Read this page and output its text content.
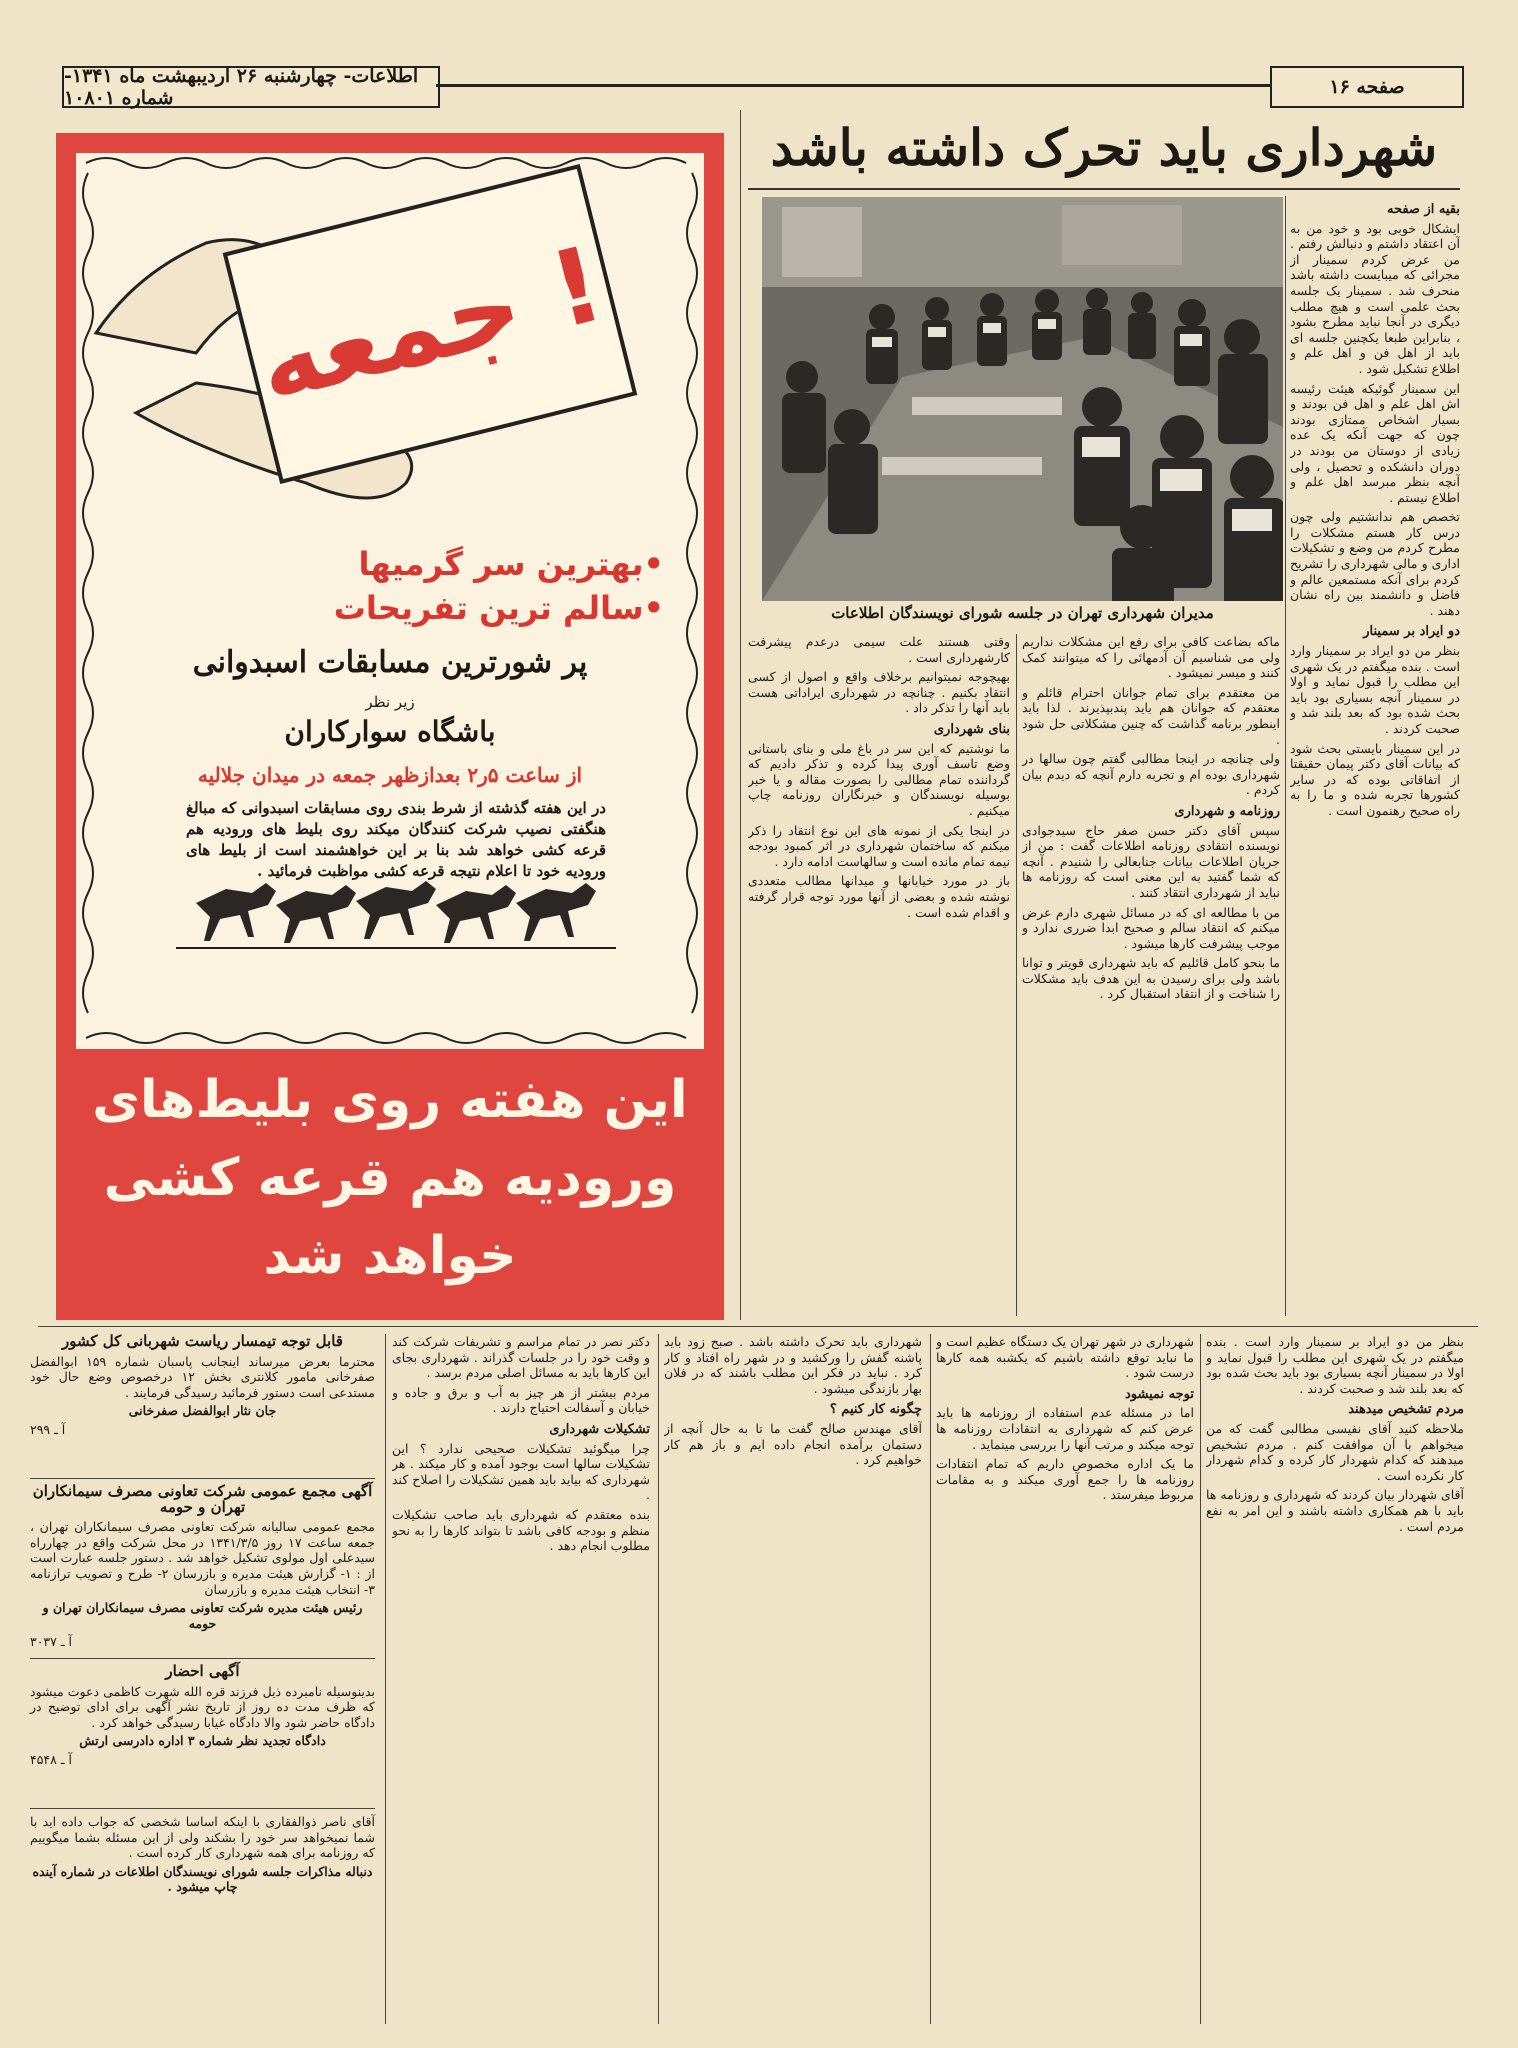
اطلاعات- چهارشنبه ۲۶ اردیبهشت ماه ۱۳۴۱- شماره ۱۰۸۰۱	صفحه ۱۶
شهرداری باید تحرک داشته باشد
مدیران شهرداری تهران در جلسه شورای نویسندگان اطلاعات
بقیه از صفحه

ایشکال خوبی بود و خود من به آن اعتقاد داشتم و دنبالش رفتم . من عرض کردم سمینار از مجرائی که میبایست داشته باشد منحرف شد . سمینار یک جلسه بحث علمی است و هیچ مطلب دیگری در آنجا نباید مطرح بشود ، بنابراین طبعا یکچنین جلسه ای باید از اهل فن و اهل علم و اطلاع تشکیل شود .

این سمینار گوئیکه هیئت رئیسه اش اهل علم و اهل فن بودند و بسیار اشخاص ممتازی بودند چون که جهت آنکه یک عده زیادی از دوستان من بودند در دوران دانشکده و تحصیل ، ولی آنچه بنظر مبرسد اهل علم و اطلاع نیستم .

تخصص هم ندانشتیم ولی چون درس کار هستم مشکلات را مطرح کردم من وضع و تشکیلات اداری و مالی شهرداری را تشریح کردم برای آنکه مستمعین عالم و فاضل و دانشمند بین راه نشان دهند .

دو ایراد بر سمینار

بنظر من دو ایراد بر سمینار وارد است . بنده میگفتم در یک شهری این مطلب را قبول نماید و اولا در سمینار آنچه بسیاری بود باید بحث شده بود که بعد بلند شد و صحبت کردند .

در این سمینار بایستی بحث شود که بیانات آقای دکتر پیمان حقیقتا از اتفاقاتی بوده که در سایر کشورها تجربه شده و ما را به راه صحیح رهنمون است .

ماکه بضاعت کافی برای رفع این مشکلات نداریم ولی می شناسیم آن آدمهائی را که میتوانند کمک کنند و میسر نمیشود .

من معتقدم برای تمام جوانان احترام قائلم و معتقدم که جوانان هم باید پندبپذیرند . لذا باید اینطور برنامه گذاشت که چنین مشکلاتی حل شود .

ولی چنانچه در اینجا مطالبی گفتم چون سالها در شهرداری بوده ام و تجربه دارم آنچه که دیدم بیان کردم .

روزنامه و شهرداری

سپس آقای دکتر حسن صفر حاج سیدجوادی نویسنده انتقادی روزنامه اطلاعات گفت : من از جریان اطلاعات بیانات جنابعالی را شنیدم . آنچه که شما گفتید به این معنی است که روزنامه ها نباید از شهرداری انتقاد کنند .

من با مطالعه ای که در مسائل شهری دارم عرض میکنم که انتقاد سالم و صحیح ابدا ضرری ندارد و موجب پیشرفت کارها میشود .

ما بنحو کامل قائلیم که باید شهرداری قویتر و توانا باشد ولی برای رسیدن به این هدف باید مشکلات را شناخت و از انتقاد استقبال کرد .

وقتی هستند علت سیمی درعدم پیشرفت کارشهرداری است .

بهیچوجه نمیتوانیم برخلاف واقع و اصول از کسی انتقاد بکنیم . چنانچه در شهرداری ایراداتی هست باید آنها را تذکر داد .

بنای شهرداری

ما نوشتیم که این سر در باغ ملی و بنای باستانی وضع تاسف آوری پیدا کرده و تذکر دادیم که گرداننده تمام مطالبی را بصورت مقاله و یا خبر بوسیله نویسندگان و خبرنگاران روزنامه چاپ میکنیم .

در اینجا یکی از نمونه های این نوع انتقاد را ذکر میکنم که ساختمان شهرداری در اثر کمبود بودجه نیمه تمام مانده است و سالهاست ادامه دارد .

باز در مورد خیابانها و میدانها مطالب متعددی نوشته شده و بعضی از آنها مورد توجه قرار گرفته و اقدام شده است .

جمعه !
•بهترین سر گرمیها
•سالم ترین تفریحات
پر شورترین مسابقات اسبدوانی
زیر نظر
باشگاه سوارکاران
از ساعت ۵ر۲ بعدازظهر جمعه در میدان جلالیه
در این هفته گذشته از شرط بندی روی مسابقات اسبدوانی که مبالغ هنگفتی نصیب شرکت کنندگان میکند روی بلیط های ورودیه هم قرعه کشی خواهد شد بنا بر این خواهشمند است از بلیط های ورودیه خود تا اعلام نتیجه قرعه کشی مواظبت فرمائید .
این هفته روی بلیط‌های
ورودیه هم قرعه کشی
خواهد شد

بنظر من دو ایراد بر سمینار وارد است . بنده میگفتم در یک شهری این مطلب را قبول نماید و اولا در سمینار آنچه بسیاری بود باید بحث شده بود که بعد بلند شد و صحبت کردند .

مردم تشخیص میدهند

ملاحظه کنید آقای نفیسی مطالبی گفت که من میخواهم با آن موافقت کنم . مردم تشخیص میدهند که کدام شهردار کار کرده و کدام شهردار کار نکرده است .

آقای شهردار بیان کردند که شهرداری و روزنامه ها باید با هم همکاری داشته باشند و این امر به نفع مردم است .

شهرداری در شهر تهران یک دستگاه عظیم است و ما نباید توقع داشته باشیم که یکشبه همه کارها درست شود .

توجه نمیشود

اما در مسئله عدم استفاده از روزنامه ها باید عرض کنم که شهرداری به انتقادات روزنامه ها توجه میکند و مرتب آنها را بررسی مینماید .

ما یک اداره مخصوص داریم که تمام انتقادات روزنامه ها را جمع آوری میکند و به مقامات مربوط میفرستد .

شهرداری باید تحرک داشته باشد . صبح زود باید پاشنه گفش را ورکشید و در شهر راه افتاد و کار کرد . نباید در فکر این مطلب باشند که در فلان بهار بازندگی میشود .

چگونه کار کنیم ؟

آقای مهندس صالح گفت ما تا به حال آنچه از دستمان برآمده انجام داده ایم و باز هم کار خواهیم کرد .

دکتر نصر در تمام مراسم و تشریفات شرکت کند و وقت خود را در جلسات گذراند . شهرداری بجای این کارها باید به مسائل اصلی مردم برسد .

مردم بیشتر از هر چیز به آب و برق و جاده و خیابان و آسفالت احتیاج دارند .

تشکیلات شهرداری

چرا میگوئید تشکیلات صحیحی ندارد ؟ این تشکیلات سالها است بوجود آمده و کار میکند . هر شهرداری که بیاید باید همین تشکیلات را اصلاح کند .

بنده معتقدم که شهرداری باید صاحب تشکیلات منظم و بودجه کافی باشد تا بتواند کارها را به نحو مطلوب انجام دهد .

قابل توجه تیمسار ریاست شهربانی کل کشور

محترما بعرض میرساند اینجانب پاسبان شماره ۱۵۹ ابوالفضل صفرخانی مامور کلانتری بخش ۱۲ درخصوص وضع حال خود مستدعی است دستور فرمائید رسیدگی فرمایند .

جان نثار ابوالفضل صفرخانی

آ ـ ۲۹۹

آگهی مجمع عمومی شرکت تعاونی مصرف سیمانکاران تهران و حومه

مجمع عمومی سالیانه شرکت تعاونی مصرف سیمانکاران تهران ، جمعه ساعت ۱۷ روز ۱۳۴۱/۳/۵ در محل شرکت واقع در چهارراه سیدعلی اول مولوی تشکیل خواهد شد . دستور جلسه عبارت است از : ۱- گزارش هیئت مدیره و بازرسان ۲- طرح و تصویب ترازنامه ۳- انتخاب هیئت مدیره و بازرسان

رئیس هیئت مدیره شرکت تعاونی مصرف سیمانکاران تهران و حومه

آ ـ ۳۰۳۷

آگهی احضار

بدینوسیله نامبرده ذیل فرزند قره الله شهرت کاظمی دعوت میشود که ظرف مدت ده روز از تاریخ نشر آگهی برای ادای توضیح در دادگاه حاضر شود والا دادگاه غیابا رسیدگی خواهد کرد .

دادگاه تجدید نظر شماره ۳ اداره دادرسی ارتش

آ ـ ۴۵۴۸

آقای ناصر ذوالفقاری با اینکه اساسا شخصی که جواب داده اید با شما نمیخواهد سر خود را بشکند ولی از این مسئله بشما میگوییم که روزنامه برای همه شهرداری کار کرده است .

دنباله مذاکرات جلسه شورای نویسندگان اطلاعات در شماره آینده چاپ میشود .
